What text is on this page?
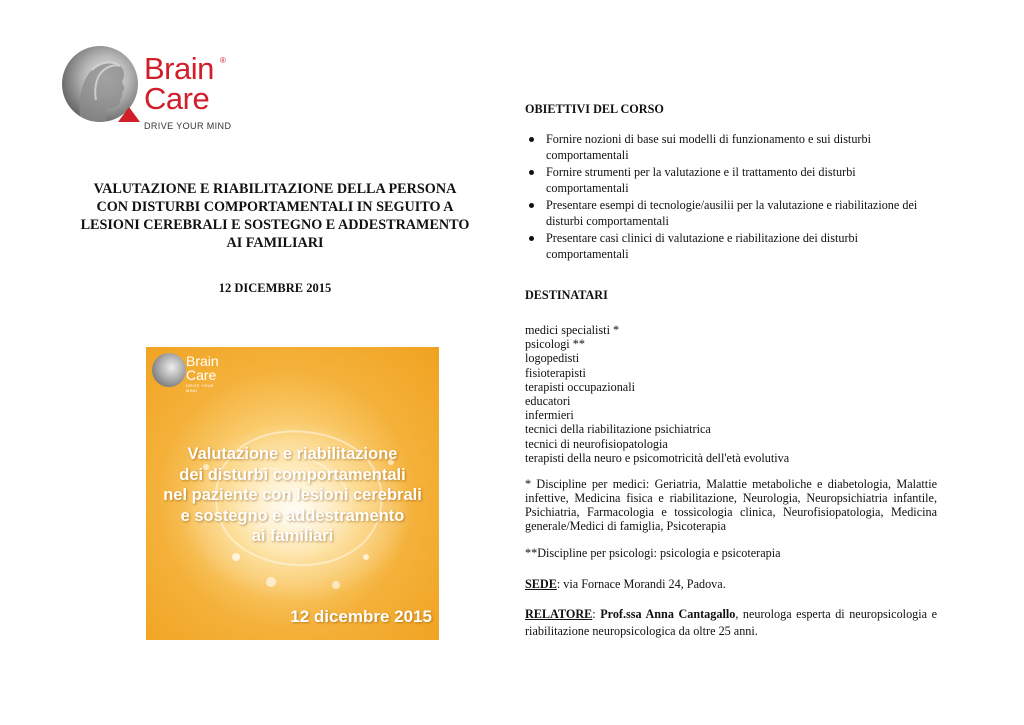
Brain
Care
®
DRIVE YOUR MIND
VALUTAZIONE E RIABILITAZIONE DELLA PERSONA CON DISTURBI COMPORTAMENTALI IN SEGUITO A LESIONI CEREBRALI E SOSTEGNO E ADDESTRAMENTO AI FAMILIARI
12 DICEMBRE 2015
Brain
Care
DRIVE YOUR MIND
Valutazione e riabilitazione
dei disturbi comportamentali
nel paziente con lesioni cerebrali
e sostegno e addestramento
ai familiari
12 dicembre 2015

OBIETTIVI DEL CORSO

Fornire nozioni di base sui modelli di funzionamento e sui disturbi comportamentali
Fornire strumenti per la valutazione e il trattamento dei disturbi comportamentali
Presentare esempi di tecnologie/ausilii per la valutazione e riabilitazione dei disturbi comportamentali
Presentare casi clinici di valutazione e riabilitazione dei disturbi comportamentali

DESTINATARI

medici specialisti *
psicologi **
logopedisti
fisioterapisti
terapisti occupazionali
educatori
infermieri
tecnici della riabilitazione psichiatrica
tecnici di neurofisiopatologia
terapisti della neuro e psicomotricità dell'età evolutiva

* Discipline per medici: Geriatria, Malattie metaboliche e diabetologia, Malattie infettive, Medicina fisica e riabilitazione, Neurologia, Neuropsichiatria infantile, Psichiatria, Farmacologia e tossicologia clinica, Neurofisiopatologia, Medicina generale/Medici di famiglia, Psicoterapia

**Discipline per psicologi: psicologia e psicoterapia

SEDE: via Fornace Morandi 24, Padova.

RELATORE: Prof.ssa Anna Cantagallo, neurologa esperta di neuropsicologia e riabilitazione neuropsicologica da oltre 25 anni.
